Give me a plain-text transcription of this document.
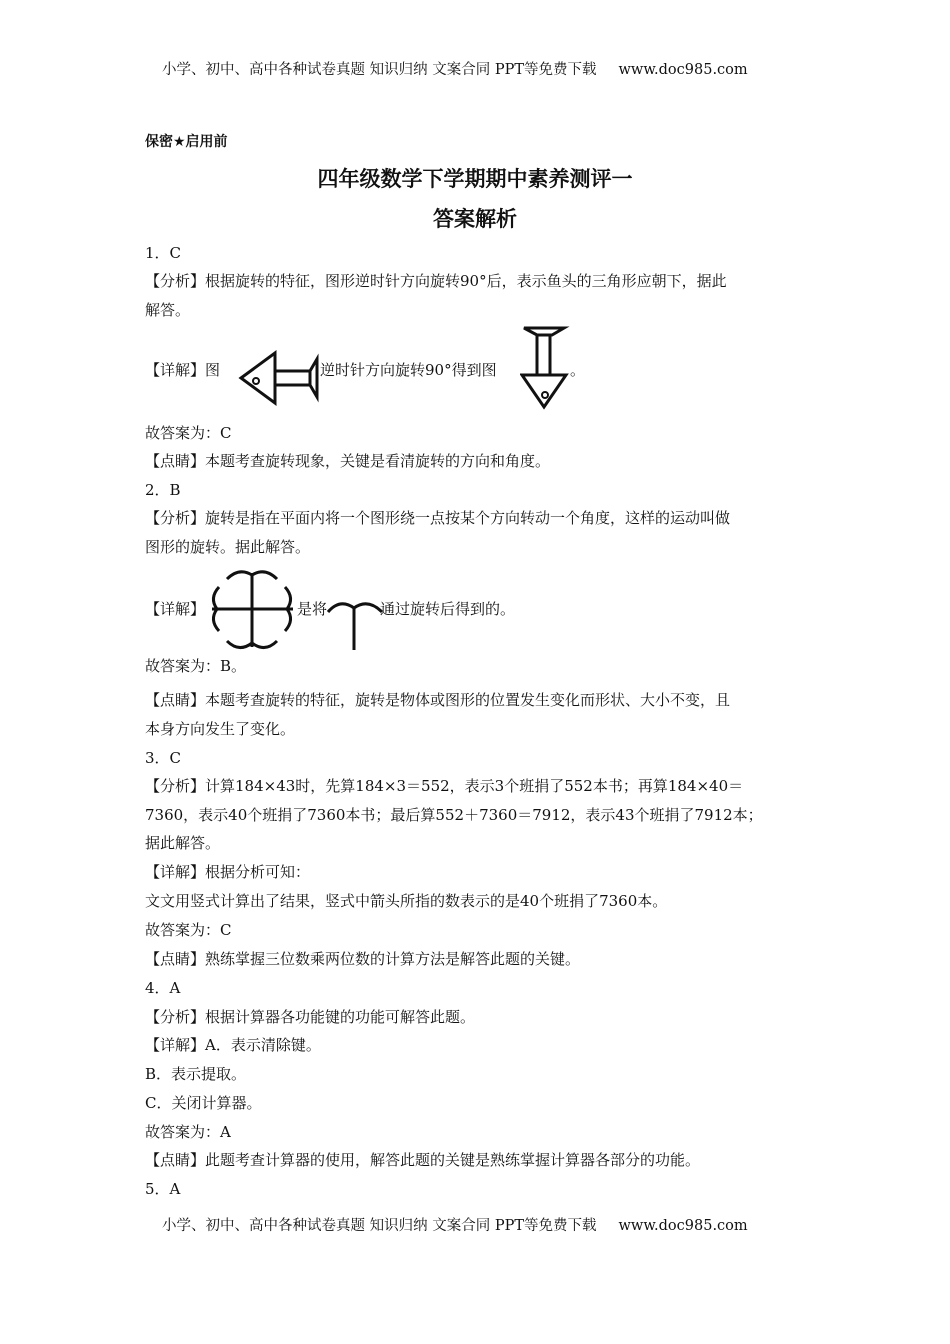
小学、初中、高中各种试卷真题 知识归纳 文案合同 PPT等免费下载 www.doc985.com
保密★启用前
四年级数学下学期期中素养测评一
答案解析
1．C
【分析】根据旋转的特征，图形逆时针方向旋转90°后，表示鱼头的三角形应朝下，据此
解答。
故答案为：C
【点睛】本题考查旋转现象，关键是看清旋转的方向和角度。
2．B
【分析】旋转是指在平面内将一个图形绕一点按某个方向转动一个角度，这样的运动叫做
图形的旋转。据此解答。
故答案为：B。
【点睛】本题考查旋转的特征，旋转是物体或图形的位置发生变化而形状、大小不变，且
本身方向发生了变化。
3．C
【分析】计算184×43时，先算184×3＝552，表示3个班捐了552本书；再算184×40＝
7360，表示40个班捐了7360本书；最后算552＋7360＝7912，表示43个班捐了7912本；
据此解答。
【详解】根据分析可知：
文文用竖式计算出了结果，竖式中箭头所指的数表示的是40个班捐了7360本。
故答案为：C
【点睛】熟练掌握三位数乘两位数的计算方法是解答此题的关键。
4．A
【分析】根据计算器各功能键的功能可解答此题。
【详解】A．表示清除键。
B．表示提取。
C．关闭计算器。
故答案为：A
【点睛】此题考查计算器的使用，解答此题的关键是熟练掌握计算器各部分的功能。
5．A
【详解】图	逆时针方向旋转90°得到图	。
【详解】	是将	通过旋转后得到的。
小学、初中、高中各种试卷真题 知识归纳 文案合同 PPT等免费下载 www.doc985.com
